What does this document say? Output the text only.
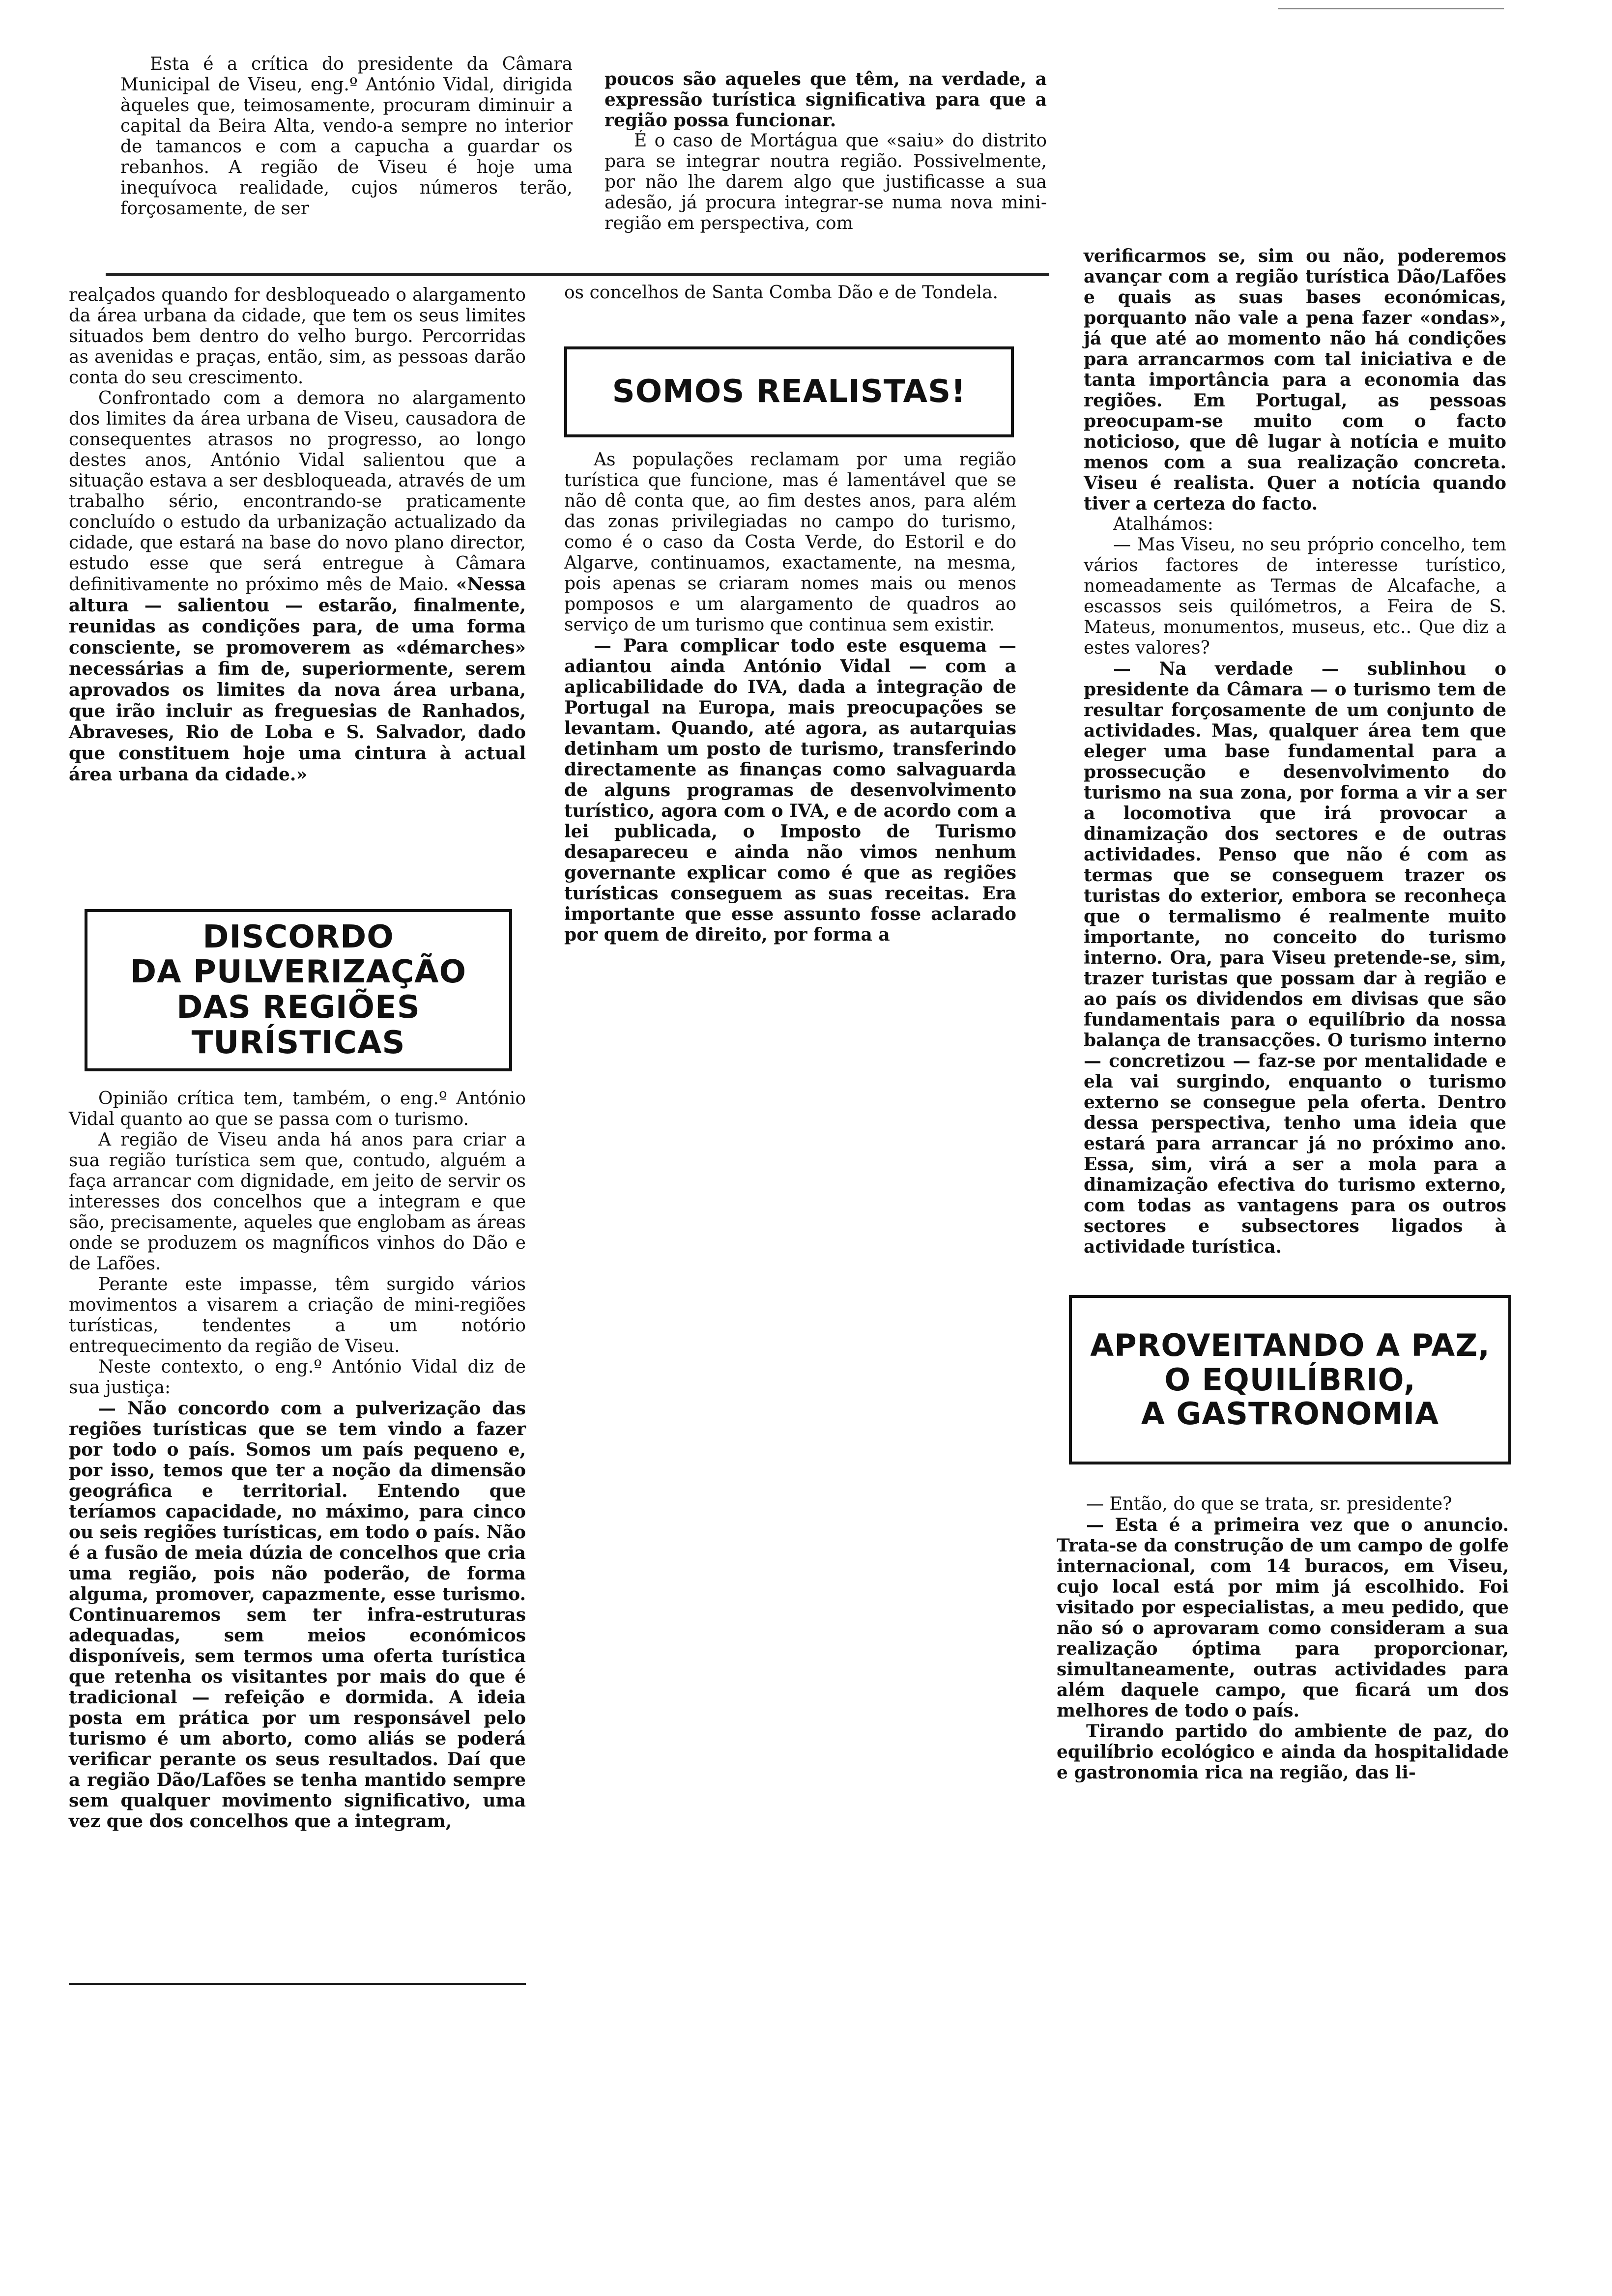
Esta é a crítica do presidente da Câmara Municipal de Viseu, eng.º António Vidal, dirigida àqueles que, teimosamente, procuram diminuir a capital da Beira Alta, vendo-a sempre no interior de tamancos e com a capucha a guardar os rebanhos. A região de Viseu é hoje uma inequívoca realidade, cujos números terão, forçosamente, de ser

poucos são aqueles que têm, na verdade, a expressão turística significativa para que a região possa funcionar.

É o caso de Mortágua que «saiu» do distrito para se integrar noutra região. Possivelmente, por não lhe darem algo que justificasse a sua adesão, já procura integrar-se numa nova mini-região em perspectiva, com

realçados quando for desbloqueado o alargamento da área urbana da cidade, que tem os seus limites situados bem dentro do velho burgo. Percorridas as avenidas e praças, então, sim, as pessoas darão conta do seu crescimento.

Confrontado com a demora no alargamento dos limites da área urbana de Viseu, causadora de consequentes atrasos no progresso, ao longo destes anos, António Vidal salientou que a situação estava a ser desbloqueada, através de um trabalho sério, encontrando-se praticamente concluído o estudo da urbanização actualizado da cidade, que estará na base do novo plano director, estudo esse que será entregue à Câmara definitivamente no próximo mês de Maio. «Nessa altura — salientou — estarão, finalmente, reunidas as condições para, de uma forma consciente, se promoverem as «démarches» necessárias a fim de, superiormente, serem aprovados os limites da nova área urbana, que irão incluir as freguesias de Ranhados, Abraveses, Rio de Loba e S. Salvador, dado que constituem hoje uma cintura à actual área urbana da cidade.»

DISCORDO
DA PULVERIZAÇÃO
DAS REGIÕES TURÍSTICAS

Opinião crítica tem, também, o eng.º António Vidal quanto ao que se passa com o turismo.

A região de Viseu anda há anos para criar a sua região turística sem que, contudo, alguém a faça arrancar com dignidade, em jeito de servir os interesses dos concelhos que a integram e que são, precisamente, aqueles que englobam as áreas onde se produzem os magníficos vinhos do Dão e de Lafões.

Perante este impasse, têm surgido vários movimentos a visarem a criação de mini-regiões turísticas, tendentes a um notório entrequecimento da região de Viseu.

Neste contexto, o eng.º António Vidal diz de sua justiça:

— Não concordo com a pulverização das regiões turísticas que se tem vindo a fazer por todo o país. Somos um país pequeno e, por isso, temos que ter a noção da dimensão geográfica e territorial. Entendo que teríamos capacidade, no máximo, para cinco ou seis regiões turísticas, em todo o país. Não é a fusão de meia dúzia de concelhos que cria uma região, pois não poderão, de forma alguma, promover, capazmente, esse turismo. Continuaremos sem ter infra-estruturas adequadas, sem meios económicos disponíveis, sem termos uma oferta turística que retenha os visitantes por mais do que é tradicional — refeição e dormida. A ideia posta em prática por um responsável pelo turismo é um aborto, como aliás se poderá verificar perante os seus resultados. Daí que a região Dão/Lafões se tenha mantido sempre sem qualquer movimento significativo, uma vez que dos concelhos que a integram,

os concelhos de Santa Comba Dão e de Tondela.

SOMOS REALISTAS!

As populações reclamam por uma região turística que funcione, mas é lamentável que se não dê conta que, ao fim destes anos, para além das zonas privilegiadas no campo do turismo, como é o caso da Costa Verde, do Estoril e do Algarve, continuamos, exactamente, na mesma, pois apenas se criaram nomes mais ou menos pomposos e um alargamento de quadros ao serviço de um turismo que continua sem existir.

— Para complicar todo este esquema — adiantou ainda António Vidal — com a aplicabilidade do IVA, dada a integração de Portugal na Europa, mais preocupações se levantam. Quando, até agora, as autarquias detinham um posto de turismo, transferindo directamente as finanças como salvaguarda de alguns programas de desenvolvimento turístico, agora com o IVA, e de acordo com a lei publicada, o Imposto de Turismo desapareceu e ainda não vimos nenhum governante explicar como é que as regiões turísticas conseguem as suas receitas. Era importante que esse assunto fosse aclarado por quem de direito, por forma a

verificarmos se, sim ou não, poderemos avançar com a região turística Dão/Lafões e quais as suas bases económicas, porquanto não vale a pena fazer «ondas», já que até ao momento não há condições para arrancarmos com tal iniciativa e de tanta importância para a economia das regiões. Em Portugal, as pessoas preocupam-se muito com o facto noticioso, que dê lugar à notícia e muito menos com a sua realização concreta. Viseu é realista. Quer a notícia quando tiver a certeza do facto.

Atalhámos:

— Mas Viseu, no seu próprio concelho, tem vários factores de interesse turístico, nomeadamente as Termas de Alcafache, a escassos seis quilómetros, a Feira de S. Mateus, monumentos, museus, etc.. Que diz a estes valores?

— Na verdade — sublinhou o presidente da Câmara — o turismo tem de resultar forçosamente de um conjunto de actividades. Mas, qualquer área tem que eleger uma base fundamental para a prossecução e desenvolvimento do turismo na sua zona, por forma a vir a ser a locomotiva que irá provocar a dinamização dos sectores e de outras actividades. Penso que não é com as termas que se conseguem trazer os turistas do exterior, embora se reconheça que o termalismo é realmente muito importante, no conceito do turismo interno. Ora, para Viseu pretende-se, sim, trazer turistas que possam dar à região e ao país os dividendos em divisas que são fundamentais para o equilíbrio da nossa balança de transacções. O turismo interno — concretizou — faz-se por mentalidade e ela vai surgindo, enquanto o turismo externo se consegue pela oferta. Dentro dessa perspectiva, tenho uma ideia que estará para arrancar já no próximo ano. Essa, sim, virá a ser a mola para a dinamização efectiva do turismo externo, com todas as vantagens para os outros sectores e subsectores ligados à actividade turística.

APROVEITANDO A PAZ,
O EQUILÍBRIO,
A GASTRONOMIA

— Então, do que se trata, sr. presidente?

— Esta é a primeira vez que o anuncio. Trata-se da construção de um campo de golfe internacional, com 14 buracos, em Viseu, cujo local está por mim já escolhido. Foi visitado por especialistas, a meu pedido, que não só o aprovaram como consideram a sua realização óptima para proporcionar, simultaneamente, outras actividades para além daquele campo, que ficará um dos melhores de todo o país.

Tirando partido do ambiente de paz, do equilíbrio ecológico e ainda da hospitalidade e gastronomia rica na região, das li-
